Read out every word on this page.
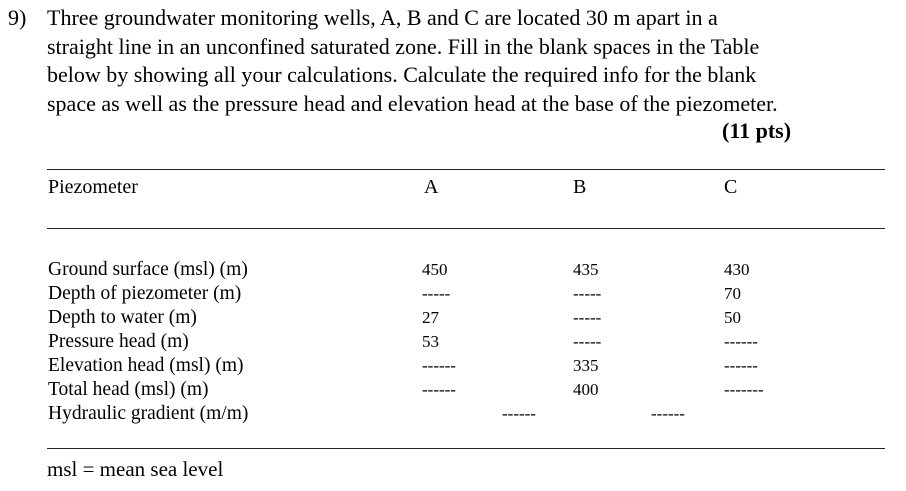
9) Three groundwater monitoring wells, A, B and C are located 30 m apart in a
straight line in an unconfined saturated zone. Fill in the blank spaces in the Table
below by showing all your calculations. Calculate the required info for the blank
space as well as the pressure head and elevation head at the base of the piezometer.
(11 pts)
Piezometer	A	B	C
Ground surface (msl) (m)	450	435	430
Depth of piezometer (m)	-----	-----	70
Depth to water (m)	27	-----	50
Pressure head (m)	53	-----	------
Elevation head (msl) (m)	------	335	------
Total head (msl) (m)	------	400	-------
Hydraulic gradient (m/m)	------	------
msl = mean sea level
